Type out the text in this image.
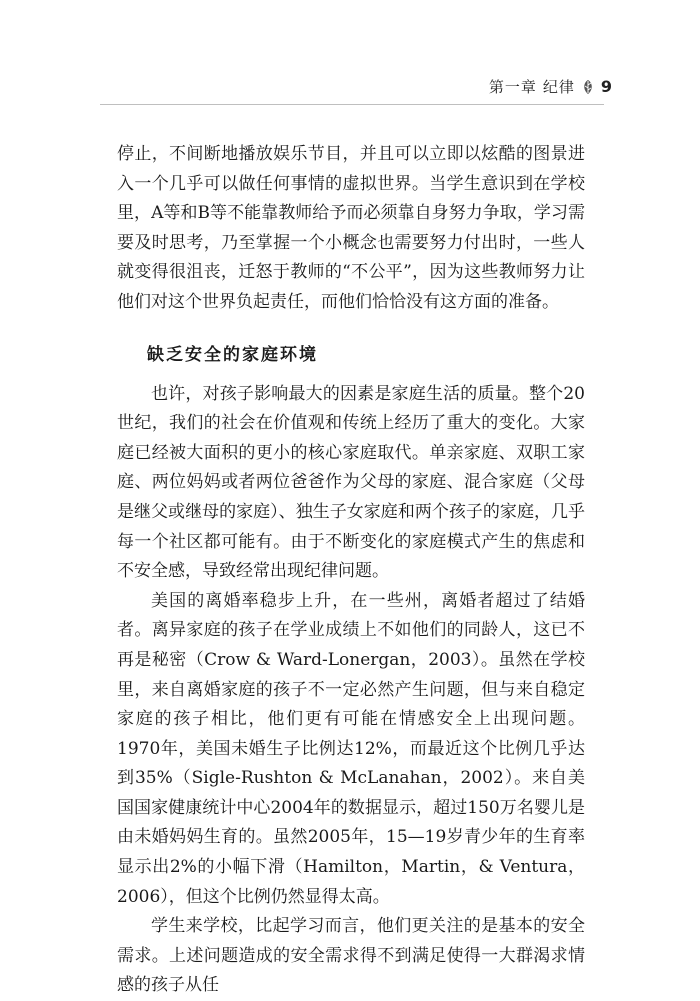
第一章 纪律 9

停止，不间断地播放娱乐节目，并且可以立即以炫酷的图景进入一个几乎可以做任何事情的虚拟世界。当学生意识到在学校里，A等和B等不能靠教师给予而必须靠自身努力争取，学习需要及时思考，乃至掌握一个小概念也需要努力付出时，一些人就变得很沮丧，迁怒于教师的“不公平”，因为这些教师努力让他们对这个世界负起责任，而他们恰恰没有这方面的准备。

缺乏安全的家庭环境

也许，对孩子影响最大的因素是家庭生活的质量。整个20世纪，我们的社会在价值观和传统上经历了重大的变化。大家庭已经被大面积的更小的核心家庭取代。单亲家庭、双职工家庭、两位妈妈或者两位爸爸作为父母的家庭、混合家庭（父母是继父或继母的家庭）、独生子女家庭和两个孩子的家庭，几乎每一个社区都可能有。由于不断变化的家庭模式产生的焦虑和不安全感，导致经常出现纪律问题。

美国的离婚率稳步上升，在一些州，离婚者超过了结婚者。离异家庭的孩子在学业成绩上不如他们的同龄人，这已不再是秘密（Crow & Ward-Lonergan，2003）。虽然在学校里，来自离婚家庭的孩子不一定必然产生问题，但与来自稳定家庭的孩子相比，他们更有可能在情感安全上出现问题。1970年，美国未婚生子比例达12%，而最近这个比例几乎达到35%（Sigle-Rushton & McLanahan，2002）。来自美国国家健康统计中心2004年的数据显示，超过150万名婴儿是由未婚妈妈生育的。虽然2005年，15—19岁青少年的生育率显示出2%的小幅下滑（Hamilton，Martin，& Ventura，2006），但这个比例仍然显得太高。

学生来学校，比起学习而言，他们更关注的是基本的安全需求。上述问题造成的安全需求得不到满足使得一大群渴求情感的孩子从任
